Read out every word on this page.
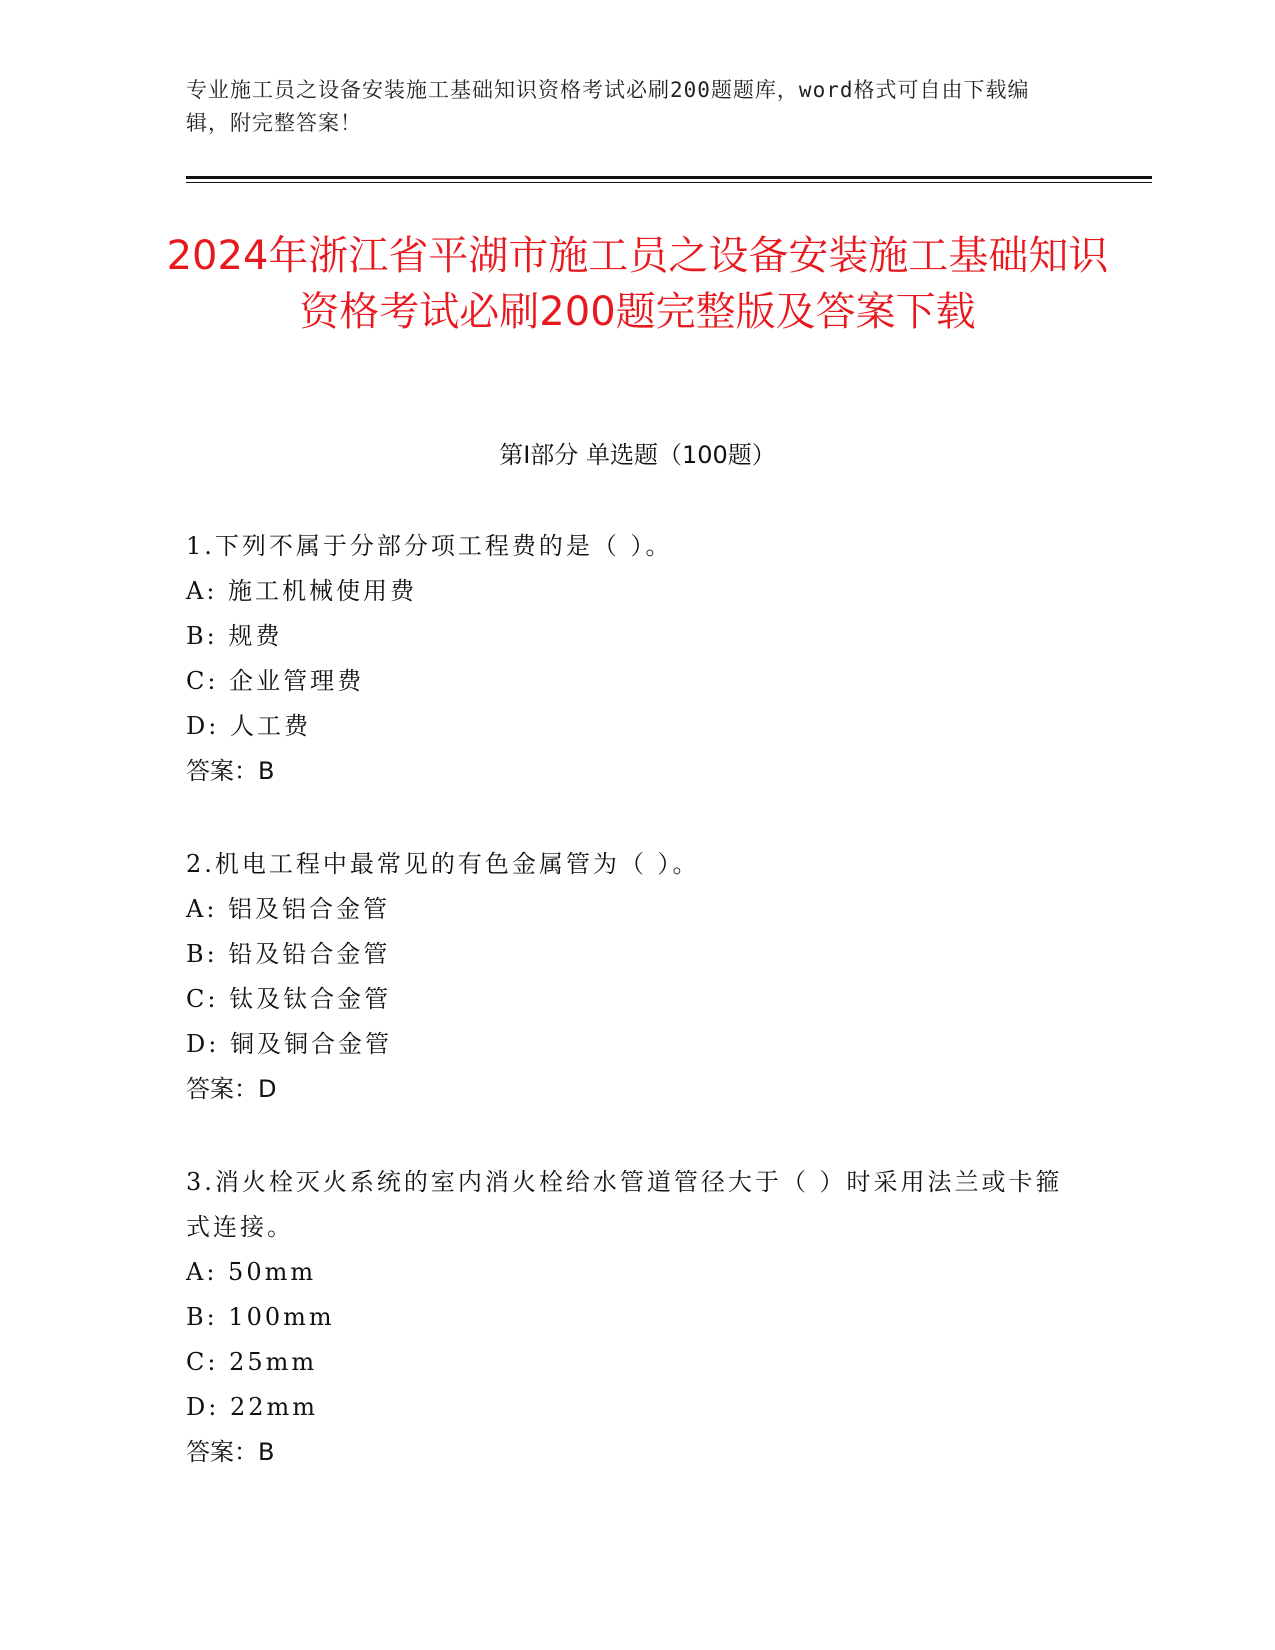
专业施工员之设备安装施工基础知识资格考试必刷200题题库，word格式可自由下载编辑，附完整答案！
2024年浙江省平湖市施工员之设备安装施工基础知识资格考试必刷200题完整版及答案下载
第I部分 单选题（100题）

1.下列不属于分部分项工程费的是（ ）。

A: 施工机械使用费

B: 规费

C: 企业管理费

D: 人工费

答案：B

2.机电工程中最常见的有色金属管为（ ）。

A: 铝及铝合金管

B: 铅及铅合金管

C: 钛及钛合金管

D: 铜及铜合金管

答案：D

3.消火栓灭火系统的室内消火栓给水管道管径大于（ ）时采用法兰或卡箍式连接。

A: 50mm

B: 100mm

C: 25mm

D: 22mm

答案：B
